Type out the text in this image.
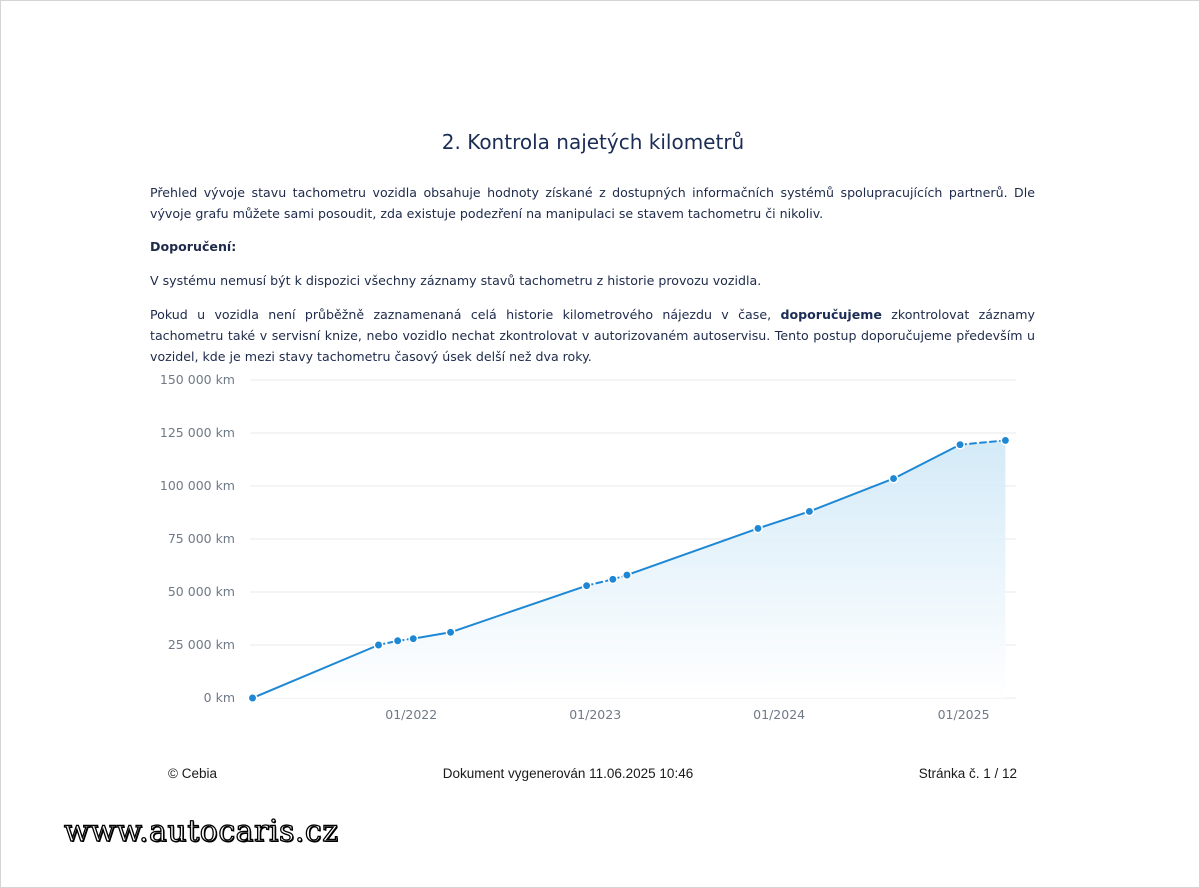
2. Kontrola najetých kilometrů

Přehled vývoje stavu tachometru vozidla obsahuje hodnoty získané z dostupných informačních systémů spolupracujících partnerů. Dle vývoje grafu můžete sami posoudit, zda existuje podezření na manipulaci se stavem tachometru či nikoliv.

Doporučení:

V systému nemusí být k dispozici všechny záznamy stavů tachometru z historie provozu vozidla.

Pokud u vozidla není průběžně zaznamenaná celá historie kilometrového nájezdu v čase, doporučujeme zkontrolovat záznamy tachometru také v servisní knize, nebo vozidlo nechat zkontrolovat v autorizovaném autoservisu. Tento postup doporučujeme především u vozidel, kde je mezi stavy tachometru časový úsek delší než dva roky.

0 km
25 000 km
50 000 km
75 000 km
100 000 km
125 000 km
150 000 km
01/2022	01/2023	01/2024	01/2025
© Cebia	Dokument vygenerován 11.06.2025 10:46	Stránka č. 1 / 12
www.autocaris.cz
